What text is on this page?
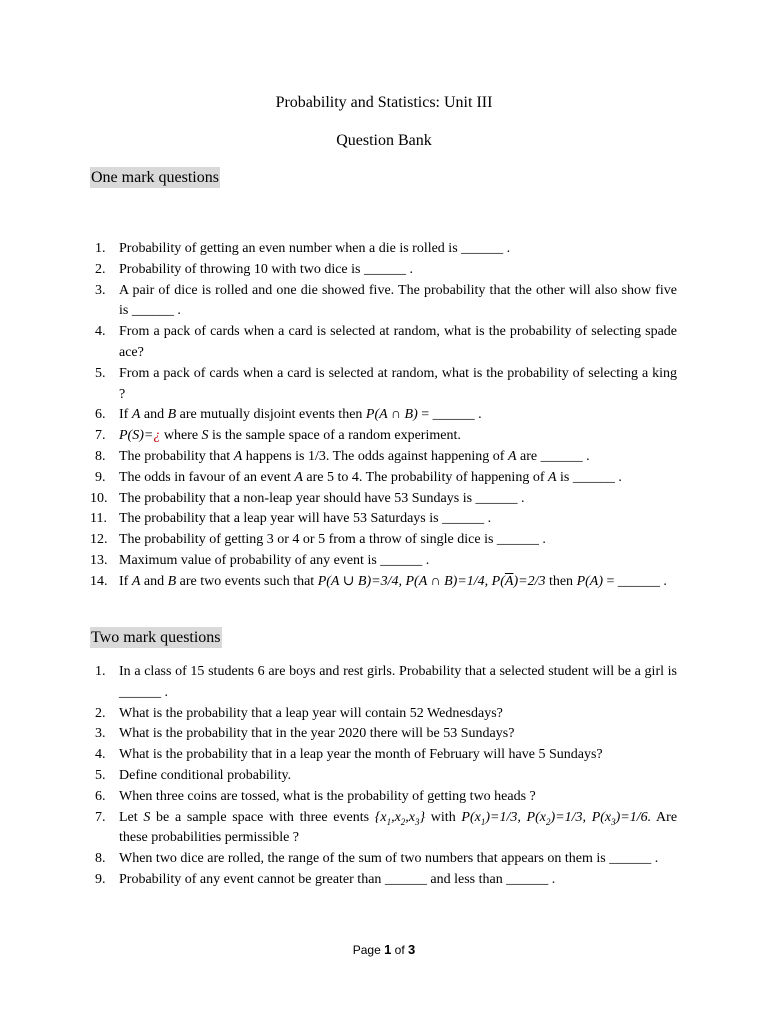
Probability and Statistics: Unit III
Question Bank
One mark questions
1. Probability of getting an even number when a die is rolled is ______ .
2. Probability of throwing 10 with two dice is ______ .
3. A pair of dice is rolled and one die showed five. The probability that the other will also show five is ______ .
4. From a pack of cards when a card is selected at random, what is the probability of selecting spade ace?
5. From a pack of cards when a card is selected at random, what is the probability of selecting a king ?
6. If A and B are mutually disjoint events then P(A ∩ B) = ______ .
7. P(S)=¿ where S is the sample space of a random experiment.
8. The probability that A happens is 1/3. The odds against happening of A are ______ .
9. The odds in favour of an event A are 5 to 4. The probability of happening of A is ______ .
10. The probability that a non-leap year should have 53 Sundays is ______ .
11. The probability that a leap year will have 53 Saturdays is ______ .
12. The probability of getting 3 or 4 or 5 from a throw of single dice is ______ .
13. Maximum value of probability of any event is ______ .
14. If A and B are two events such that P(A ∪ B)=3/4, P(A ∩ B)=1/4, $P(\overline{A})=2/3$ then P(A) = ______ .
Two mark questions
1. In a class of 15 students 6 are boys and rest girls. Probability that a selected student will be a girl is ______ .
2. What is the probability that a leap year will contain 52 Wednesdays?
3. What is the probability that in the year 2020 there will be 53 Sundays?
4. What is the probability that in a leap year the month of February will have 5 Sundays?
5. Define conditional probability.
6. When three coins are tossed, what is the probability of getting two heads ?
7. Let S be a sample space with three events $\{x_1,x_2,x_3\}$ with $P(x_1)=1/3$, $P(x_2)=1/3$, $P(x_3)=1/6$. Are these probabilities permissible ?
8. When two dice are rolled, the range of the sum of two numbers that appears on them is ______ .
9. Probability of any event cannot be greater than ______ and less than ______ .
Page 1 of 3
